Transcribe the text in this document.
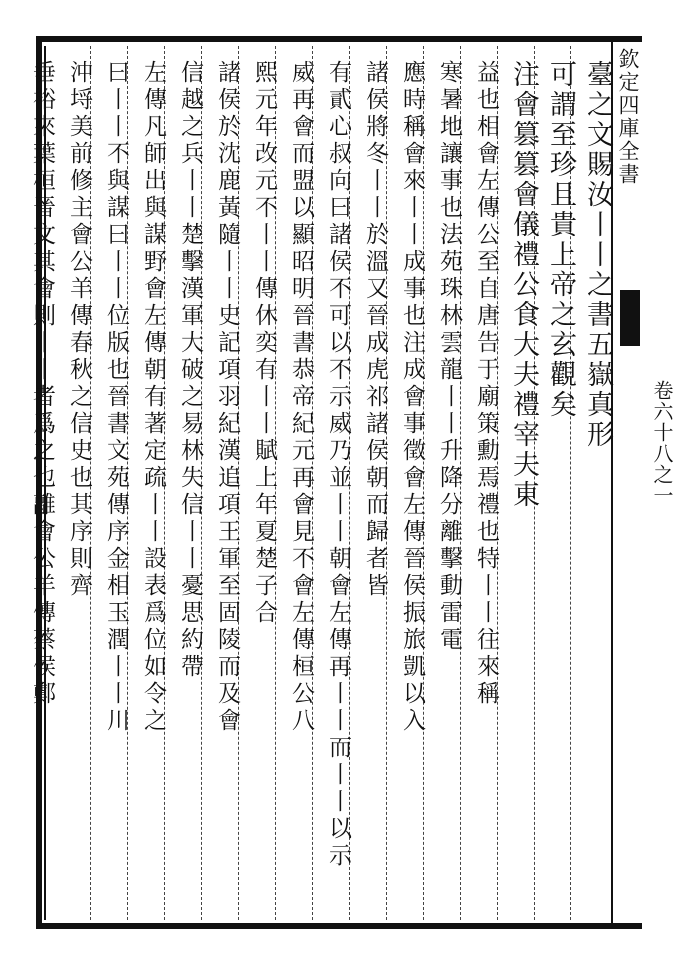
欽定四庫全書
卷六十八之一
臺之文賜汝丨丨之書五嶽真形
可謂至珍且貴上帝之玄觀矣
注會篡篡會儀禮公食大夫禮宰夫東
益也相會左傳公至自唐告于廟策勳焉禮也特丨丨往來稱
寒暑地讓事也法苑珠林雲龍丨丨升降分離擊動雷電
應時稱會來丨丨成事也注成會事徵會左傳晉侯振旅凱以入
諸侯將冬丨丨於溫又晉成虎祁諸侯朝而歸者皆
有貳心叔向曰諸侯不可以不示威乃並丨丨朝會左傳再丨丨而丨丨以示
威再會而盟以顯昭明晉書恭帝紀元再會見不會左傳桓公八
熙元年改元不丨丨傳休奕有丨丨賦上年夏楚子合
諸侯於沈鹿黃隨丨丨史記項羽紀漢追項王軍至固陵而及會
信越之兵丨丨楚擊漢軍大破之易林失信丨丨憂思約帶
左傳凡師出與謀野會左傳朝有著定疏丨丨設表爲位如令之
曰丨丨不與謀曰丨丨位版也晉書文苑傳序金相玉潤丨丨川
沖埒美前修主會公羊傳春秋之信史也其序則齊
垂裕來葉桓晉文其會則丨丨者爲之也離會公羊傳蔡侯鄭
